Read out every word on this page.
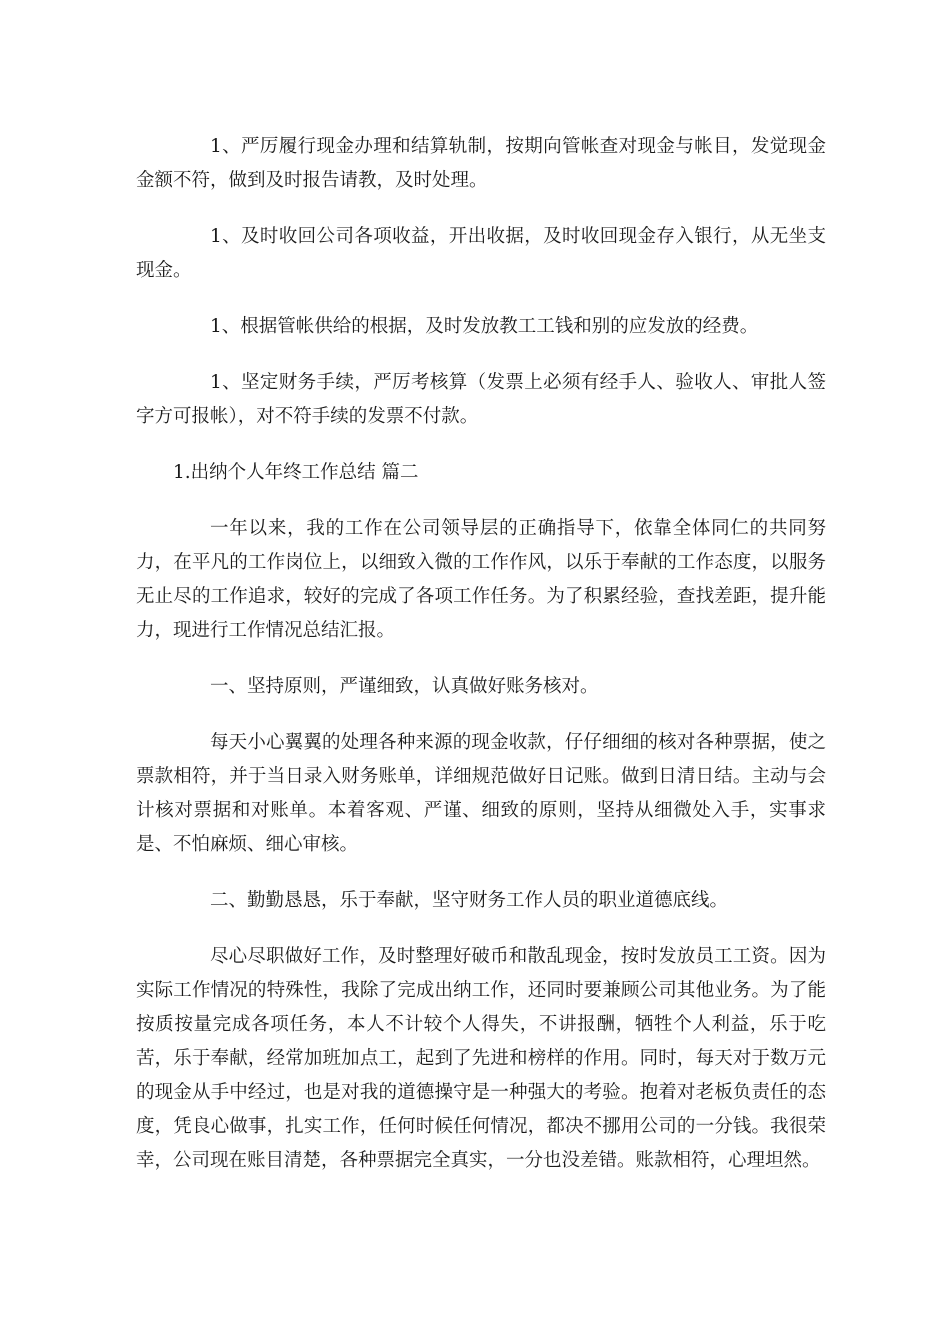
1、严厉履行现金办理和结算轨制，按期向管帐查对现金与帐目，发觉现金金额不符，做到及时报告请教，及时处理。

1、及时收回公司各项收益，开出收据，及时收回现金存入银行，从无坐支现金。

1、根据管帐供给的根据，及时发放教工工钱和别的应发放的经费。

1、坚定财务手续，严厉考核算（发票上必须有经手人、验收人、审批人签字方可报帐），对不符手续的发票不付款。

1.出纳个人年终工作总结 篇二

一年以来，我的工作在公司领导层的正确指导下，依靠全体同仁的共同努力，在平凡的工作岗位上，以细致入微的工作作风，以乐于奉献的工作态度，以服务无止尽的工作追求，较好的完成了各项工作任务。为了积累经验，查找差距，提升能力，现进行工作情况总结汇报。

一、坚持原则，严谨细致，认真做好账务核对。

每天小心翼翼的处理各种来源的现金收款，仔仔细细的核对各种票据，使之票款相符，并于当日录入财务账单，详细规范做好日记账。做到日清日结。主动与会计核对票据和对账单。本着客观、严谨、细致的原则，坚持从细微处入手，实事求是、不怕麻烦、细心审核。

二、勤勤恳恳，乐于奉献，坚守财务工作人员的职业道德底线。

尽心尽职做好工作，及时整理好破币和散乱现金，按时发放员工工资。因为实际工作情况的特殊性，我除了完成出纳工作，还同时要兼顾公司其他业务。为了能按质按量完成各项任务，本人不计较个人得失，不讲报酬，牺牲个人利益，乐于吃苦，乐于奉献，经常加班加点工，起到了先进和榜样的作用。同时，每天对于数万元的现金从手中经过，也是对我的道德操守是一种强大的考验。抱着对老板负责任的态度，凭良心做事，扎实工作，任何时候任何情况，都决不挪用公司的一分钱。我很荣幸，公司现在账目清楚，各种票据完全真实，一分也没差错。账款相符，心理坦然。
